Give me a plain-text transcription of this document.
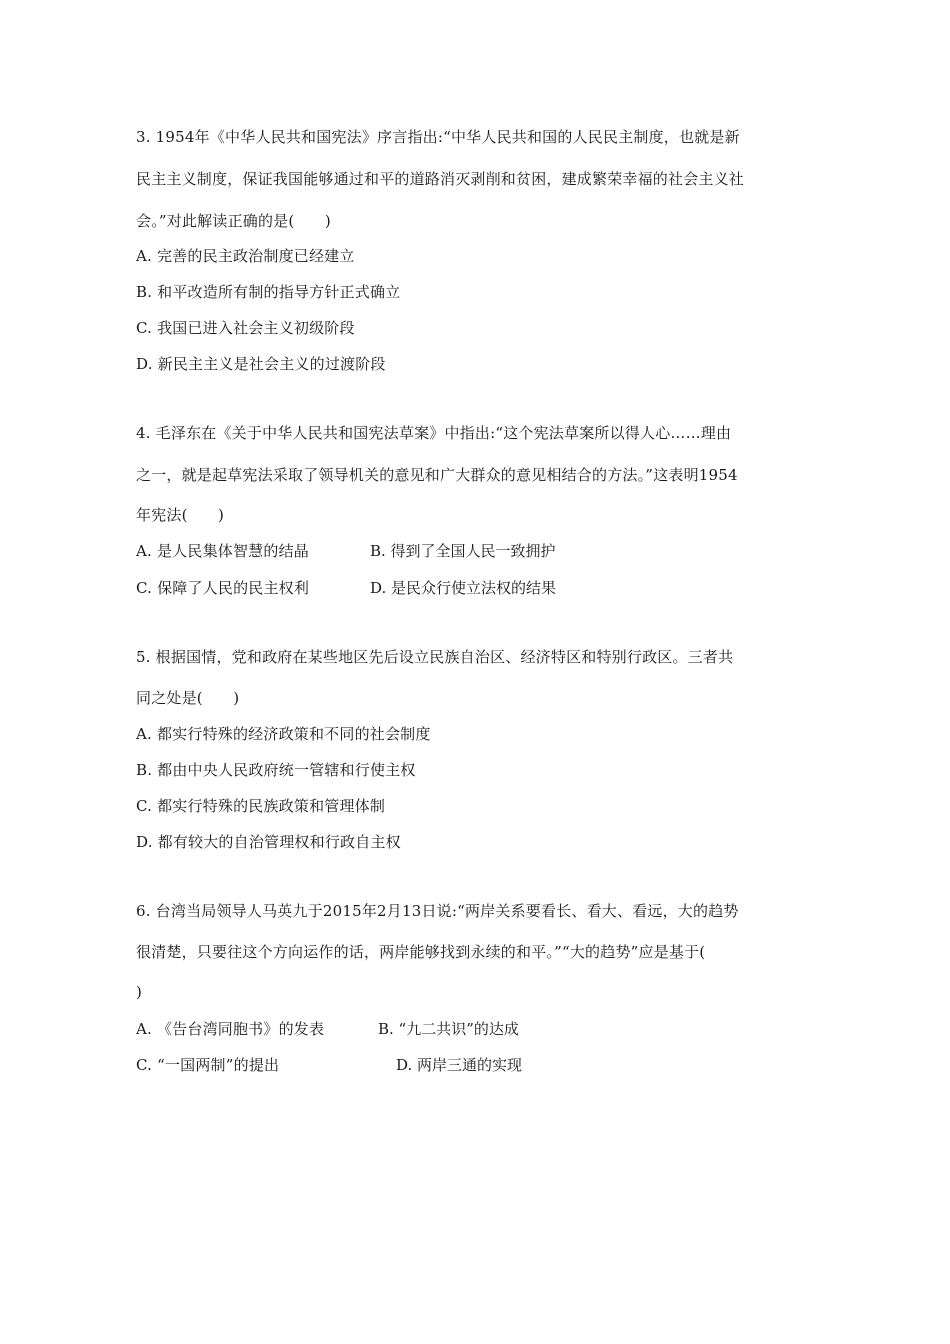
3. 1954年《中华人民共和国宪法》序言指出:“中华人民共和国的人民民主制度，也就是新
民主主义制度，保证我国能够通过和平的道路消灭剥削和贫困，建成繁荣幸福的社会主义社
会。”对此解读正确的是(　　)
A. 完善的民主政治制度已经建立
B. 和平改造所有制的指导方针正式确立
C. 我国已进入社会主义初级阶段
D. 新民主主义是社会主义的过渡阶段
4. 毛泽东在《关于中华人民共和国宪法草案》中指出:“这个宪法草案所以得人心……理由
之一，就是起草宪法采取了领导机关的意见和广大群众的意见相结合的方法。”这表明1954
年宪法(　　)
A. 是人民集体智慧的结晶	B. 得到了全国人民一致拥护
C. 保障了人民的民主权利	D. 是民众行使立法权的结果
5. 根据国情，党和政府在某些地区先后设立民族自治区、经济特区和特别行政区。三者共
同之处是(　　)
A. 都实行特殊的经济政策和不同的社会制度
B. 都由中央人民政府统一管辖和行使主权
C. 都实行特殊的民族政策和管理体制
D. 都有较大的自治管理权和行政自主权
6. 台湾当局领导人马英九于2015年2月13日说:“两岸关系要看长、看大、看远，大的趋势
很清楚，只要往这个方向运作的话，两岸能够找到永续的和平。”“大的趋势”应是基于(
)
A. 《告台湾同胞书》的发表	B. “九二共识”的达成
C. “一国两制”的提出	D. 两岸三通的实现
